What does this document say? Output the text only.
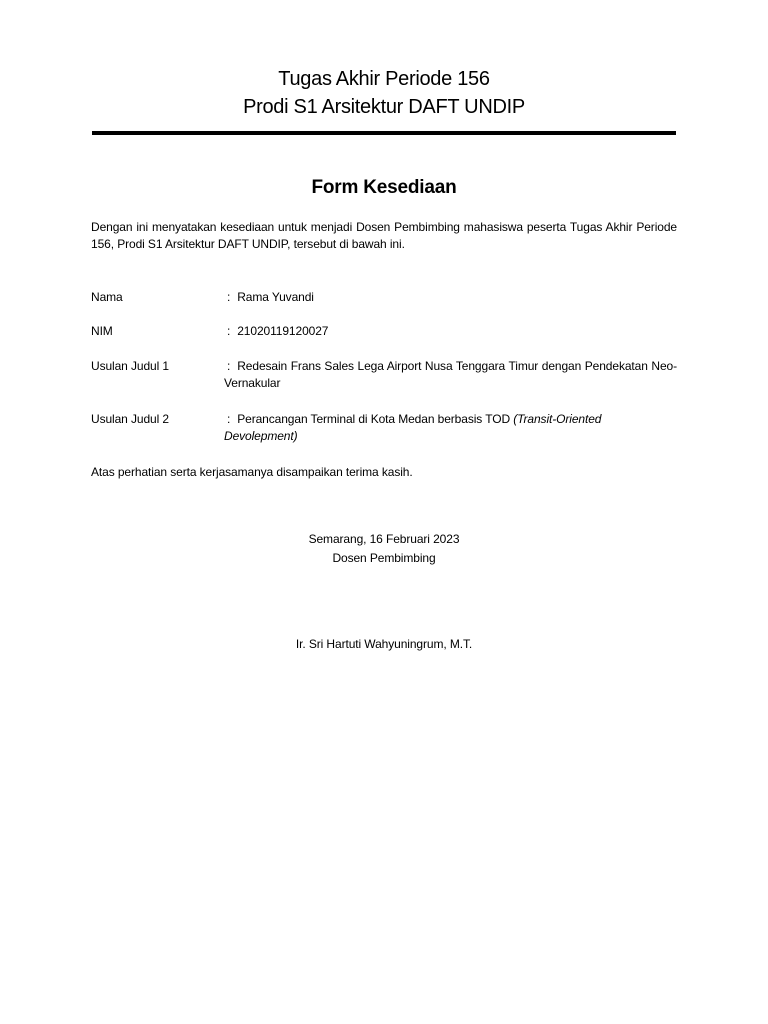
Tugas Akhir Periode 156
Prodi S1 Arsitektur DAFT UNDIP
Form Kesediaan
Dengan ini menyatakan kesediaan untuk menjadi Dosen Pembimbing mahasiswa peserta Tugas Akhir Periode 156, Prodi S1 Arsitektur DAFT UNDIP, tersebut di bawah ini.
Nama	: Rama Yuvandi
NIM	: 21020119120027
Usulan Judul 1	: Redesain Frans Sales Lega Airport Nusa Tenggara Timur dengan Pendekatan Neo-Vernakular
Usulan Judul 2	: Perancangan Terminal di Kota Medan berbasis TOD (Transit-Oriented Devolepment)
Atas perhatian serta kerjasamanya disampaikan terima kasih.
Semarang, 16 Februari 2023
Dosen Pembimbing
Ir. Sri Hartuti Wahyuningrum, M.T.
